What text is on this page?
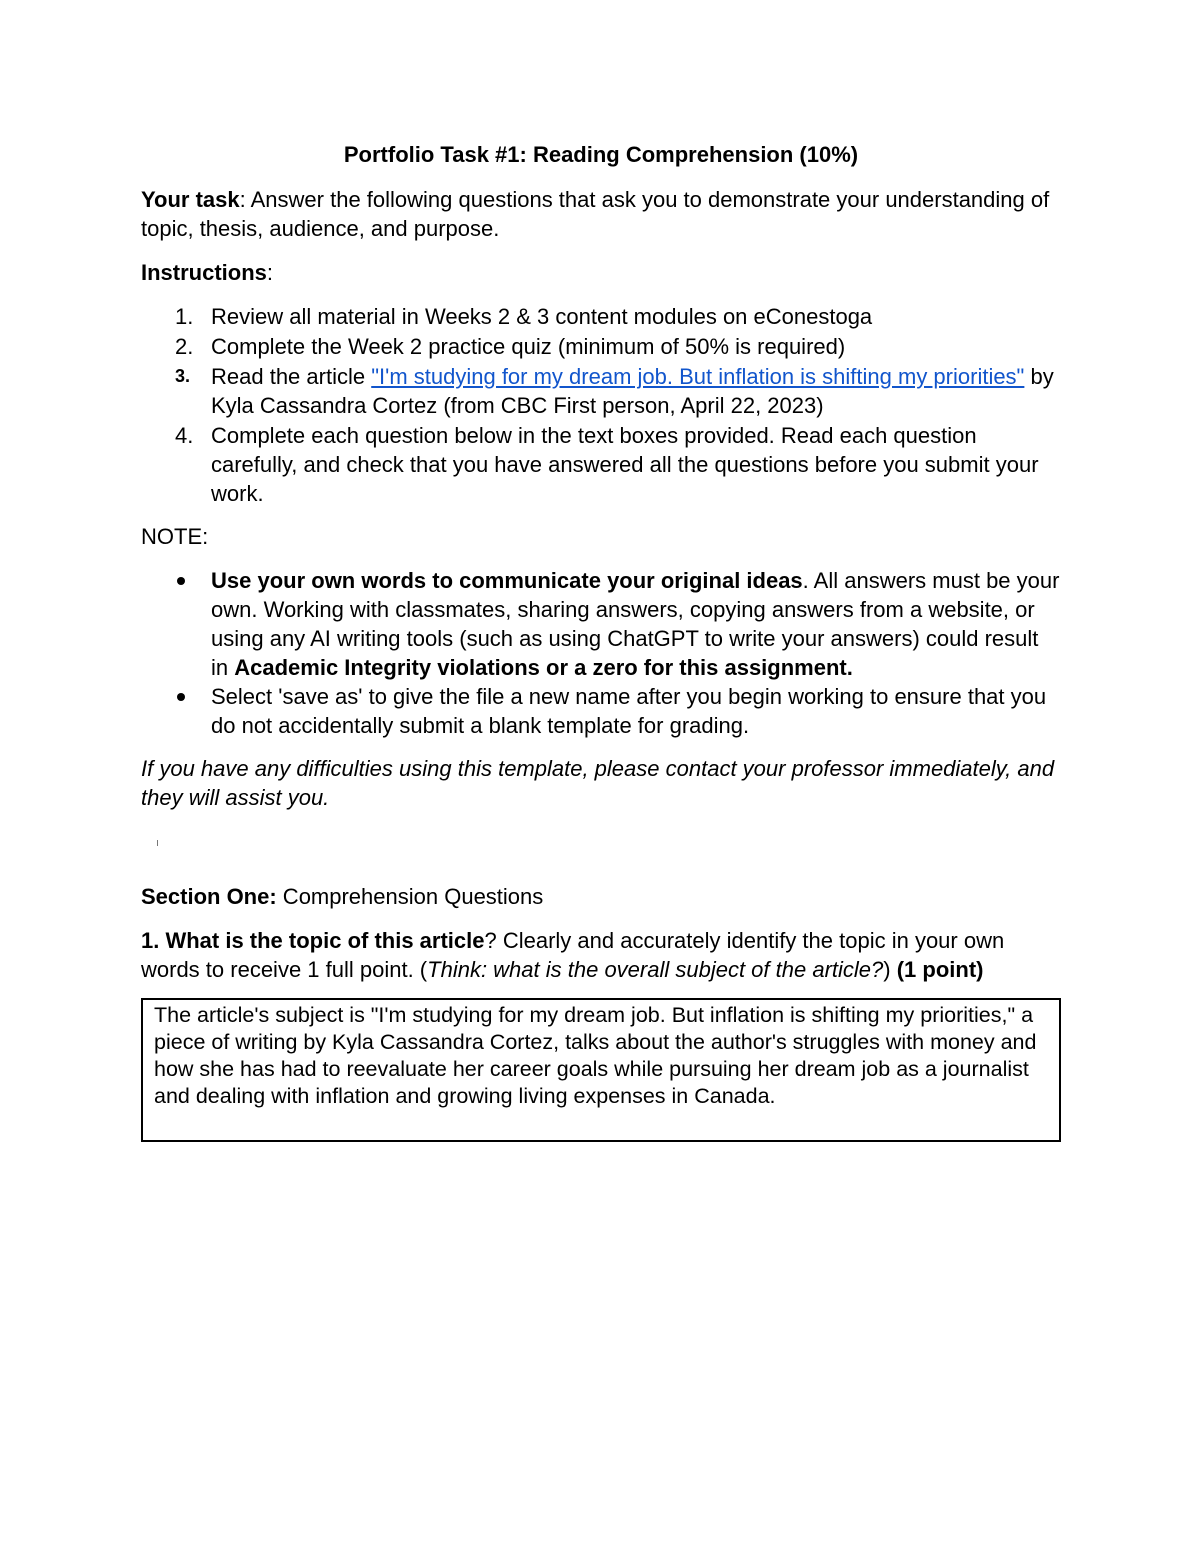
Portfolio Task #1: Reading Comprehension (10%)

Your task: Answer the following questions that ask you to demonstrate your understanding of topic, thesis, audience, and purpose.

Instructions:

1. Review all material in Weeks 2 & 3 content modules on eConestoga
2. Complete the Week 2 practice quiz (minimum of 50% is required)
3. Read the article "I'm studying for my dream job. But inflation is shifting my priorities" by Kyla Cassandra Cortez (from CBC First person, April 22, 2023)
4. Complete each question below in the text boxes provided. Read each question carefully, and check that you have answered all the questions before you submit your work.

NOTE:

Use your own words to communicate your original ideas. All answers must be your own. Working with classmates, sharing answers, copying answers from a website, or using any AI writing tools (such as using ChatGPT to write your answers) could result in Academic Integrity violations or a zero for this assignment.
Select 'save as' to give the file a new name after you begin working to ensure that you do not accidentally submit a blank template for grading.

If you have any difficulties using this template, please contact your professor immediately, and they will assist you.

Section One: Comprehension Questions

1. What is the topic of this article? Clearly and accurately identify the topic in your own words to receive 1 full point. (Think: what is the overall subject of the article?) (1 point)

The article's subject is "I'm studying for my dream job. But inflation is shifting my priorities," a piece of writing by Kyla Cassandra Cortez, talks about the author's struggles with money and how she has had to reevaluate her career goals while pursuing her dream job as a journalist and dealing with inflation and growing living expenses in Canada.
